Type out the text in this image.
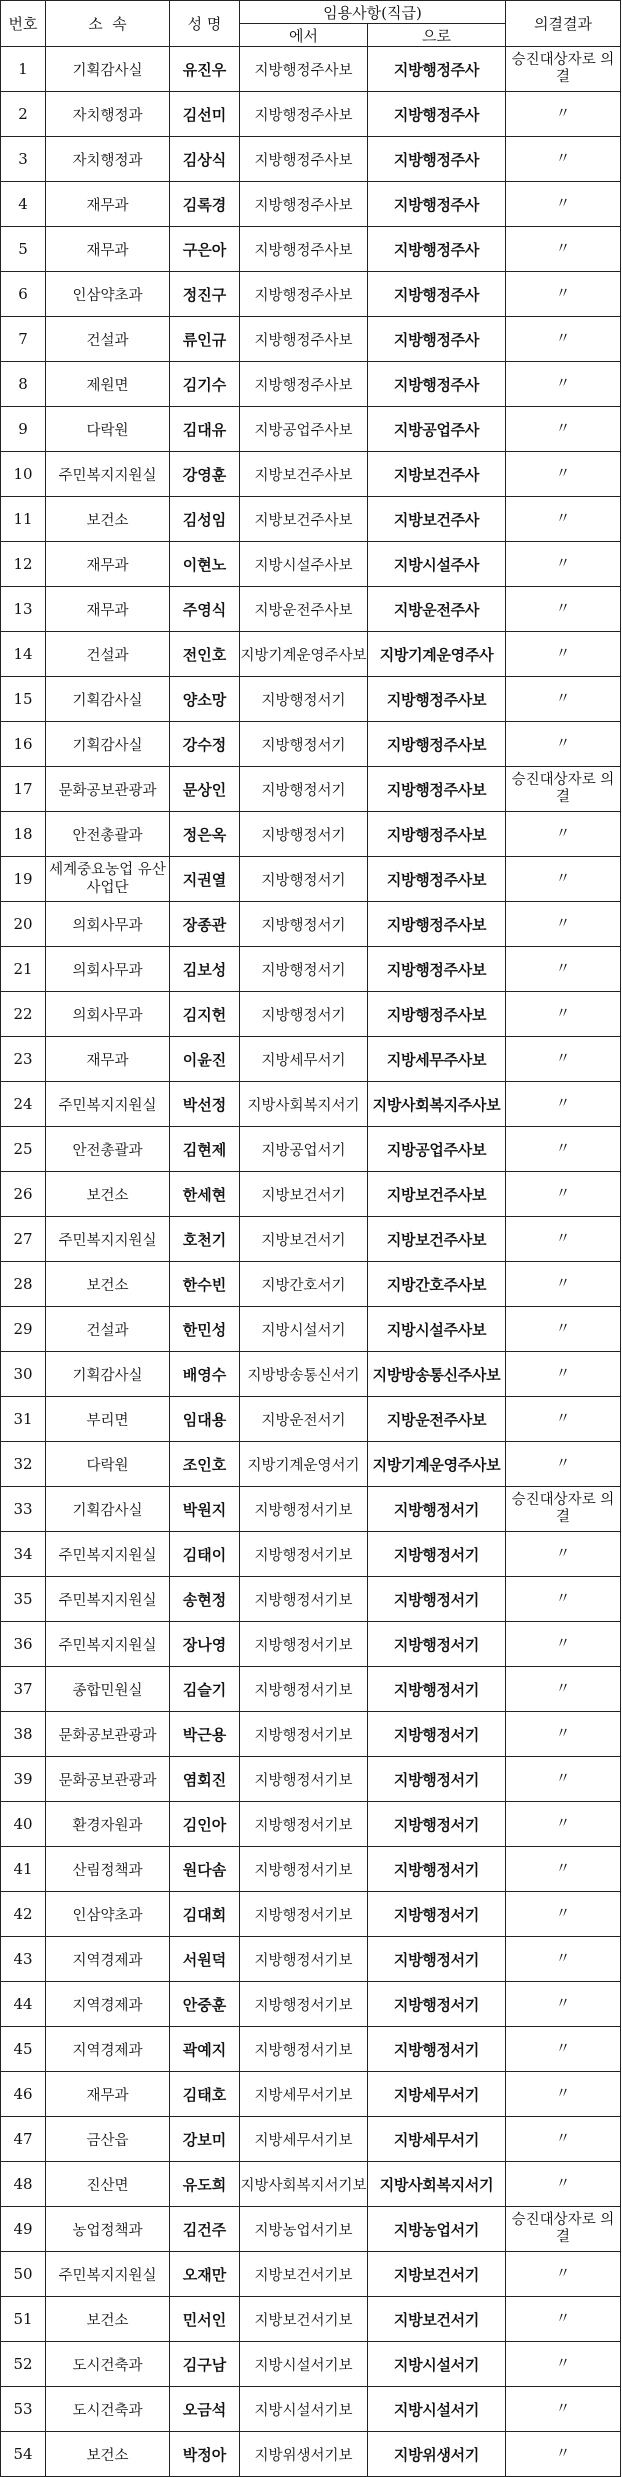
번호	소  속	성 명	임용사항(직급)		의결결과
			에서	으로	
1	기획감사실	유진우	지방행정주사보	지방행정주사	승진대상자로 의결
2	자치행정과	김선미	지방행정주사보	지방행정주사	〃
3	자치행정과	김상식	지방행정주사보	지방행정주사	〃
4	재무과	김록경	지방행정주사보	지방행정주사	〃
5	재무과	구은아	지방행정주사보	지방행정주사	〃
6	인삼약초과	정진구	지방행정주사보	지방행정주사	〃
7	건설과	류인규	지방행정주사보	지방행정주사	〃
8	제원면	김기수	지방행정주사보	지방행정주사	〃
9	다락원	김대유	지방공업주사보	지방공업주사	〃
10	주민복지지원실	강영훈	지방보건주사보	지방보건주사	〃
11	보건소	김성임	지방보건주사보	지방보건주사	〃
12	재무과	이현노	지방시설주사보	지방시설주사	〃
13	재무과	주영식	지방운전주사보	지방운전주사	〃
14	건설과	전인호	지방기계운영주사보	지방기계운영주사	〃
15	기획감사실	양소망	지방행정서기	지방행정주사보	〃
16	기획감사실	강수정	지방행정서기	지방행정주사보	〃
17	문화공보관광과	문상인	지방행정서기	지방행정주사보	승진대상자로 의결
18	안전총괄과	정은옥	지방행정서기	지방행정주사보	〃
19	세계중요농업 유산사업단	지권열	지방행정서기	지방행정주사보	〃
20	의회사무과	장종관	지방행정서기	지방행정주사보	〃
21	의회사무과	김보성	지방행정서기	지방행정주사보	〃
22	의회사무과	김지헌	지방행정서기	지방행정주사보	〃
23	재무과	이윤진	지방세무서기	지방세무주사보	〃
24	주민복지지원실	박선정	지방사회복지서기	지방사회복지주사보	〃
25	안전총괄과	김현제	지방공업서기	지방공업주사보	〃
26	보건소	한세현	지방보건서기	지방보건주사보	〃
27	주민복지지원실	호천기	지방보건서기	지방보건주사보	〃
28	보건소	한수빈	지방간호서기	지방간호주사보	〃
29	건설과	한민성	지방시설서기	지방시설주사보	〃
30	기획감사실	배영수	지방방송통신서기	지방방송통신주사보	〃
31	부리면	임대용	지방운전서기	지방운전주사보	〃
32	다락원	조인호	지방기계운영서기	지방기계운영주사보	〃
33	기획감사실	박원지	지방행정서기보	지방행정서기	승진대상자로 의결
34	주민복지지원실	김태이	지방행정서기보	지방행정서기	〃
35	주민복지지원실	송현정	지방행정서기보	지방행정서기	〃
36	주민복지지원실	장나영	지방행정서기보	지방행정서기	〃
37	종합민원실	김슬기	지방행정서기보	지방행정서기	〃
38	문화공보관광과	박근용	지방행정서기보	지방행정서기	〃
39	문화공보관광과	염회진	지방행정서기보	지방행정서기	〃
40	환경자원과	김인아	지방행정서기보	지방행정서기	〃
41	산림정책과	원다솜	지방행정서기보	지방행정서기	〃
42	인삼약초과	김대회	지방행정서기보	지방행정서기	〃
43	지역경제과	서원덕	지방행정서기보	지방행정서기	〃
44	지역경제과	안중훈	지방행정서기보	지방행정서기	〃
45	지역경제과	곽예지	지방행정서기보	지방행정서기	〃
46	재무과	김태호	지방세무서기보	지방세무서기	〃
47	금산읍	강보미	지방세무서기보	지방세무서기	〃
48	진산면	유도희	지방사회복지서기보	지방사회복지서기	〃
49	농업정책과	김건주	지방농업서기보	지방농업서기	승진대상자로 의결
50	주민복지지원실	오재만	지방보건서기보	지방보건서기	〃
51	보건소	민서인	지방보건서기보	지방보건서기	〃
52	도시건축과	김구남	지방시설서기보	지방시설서기	〃
53	도시건축과	오금석	지방시설서기보	지방시설서기	〃
54	보건소	박정아	지방위생서기보	지방위생서기	〃
